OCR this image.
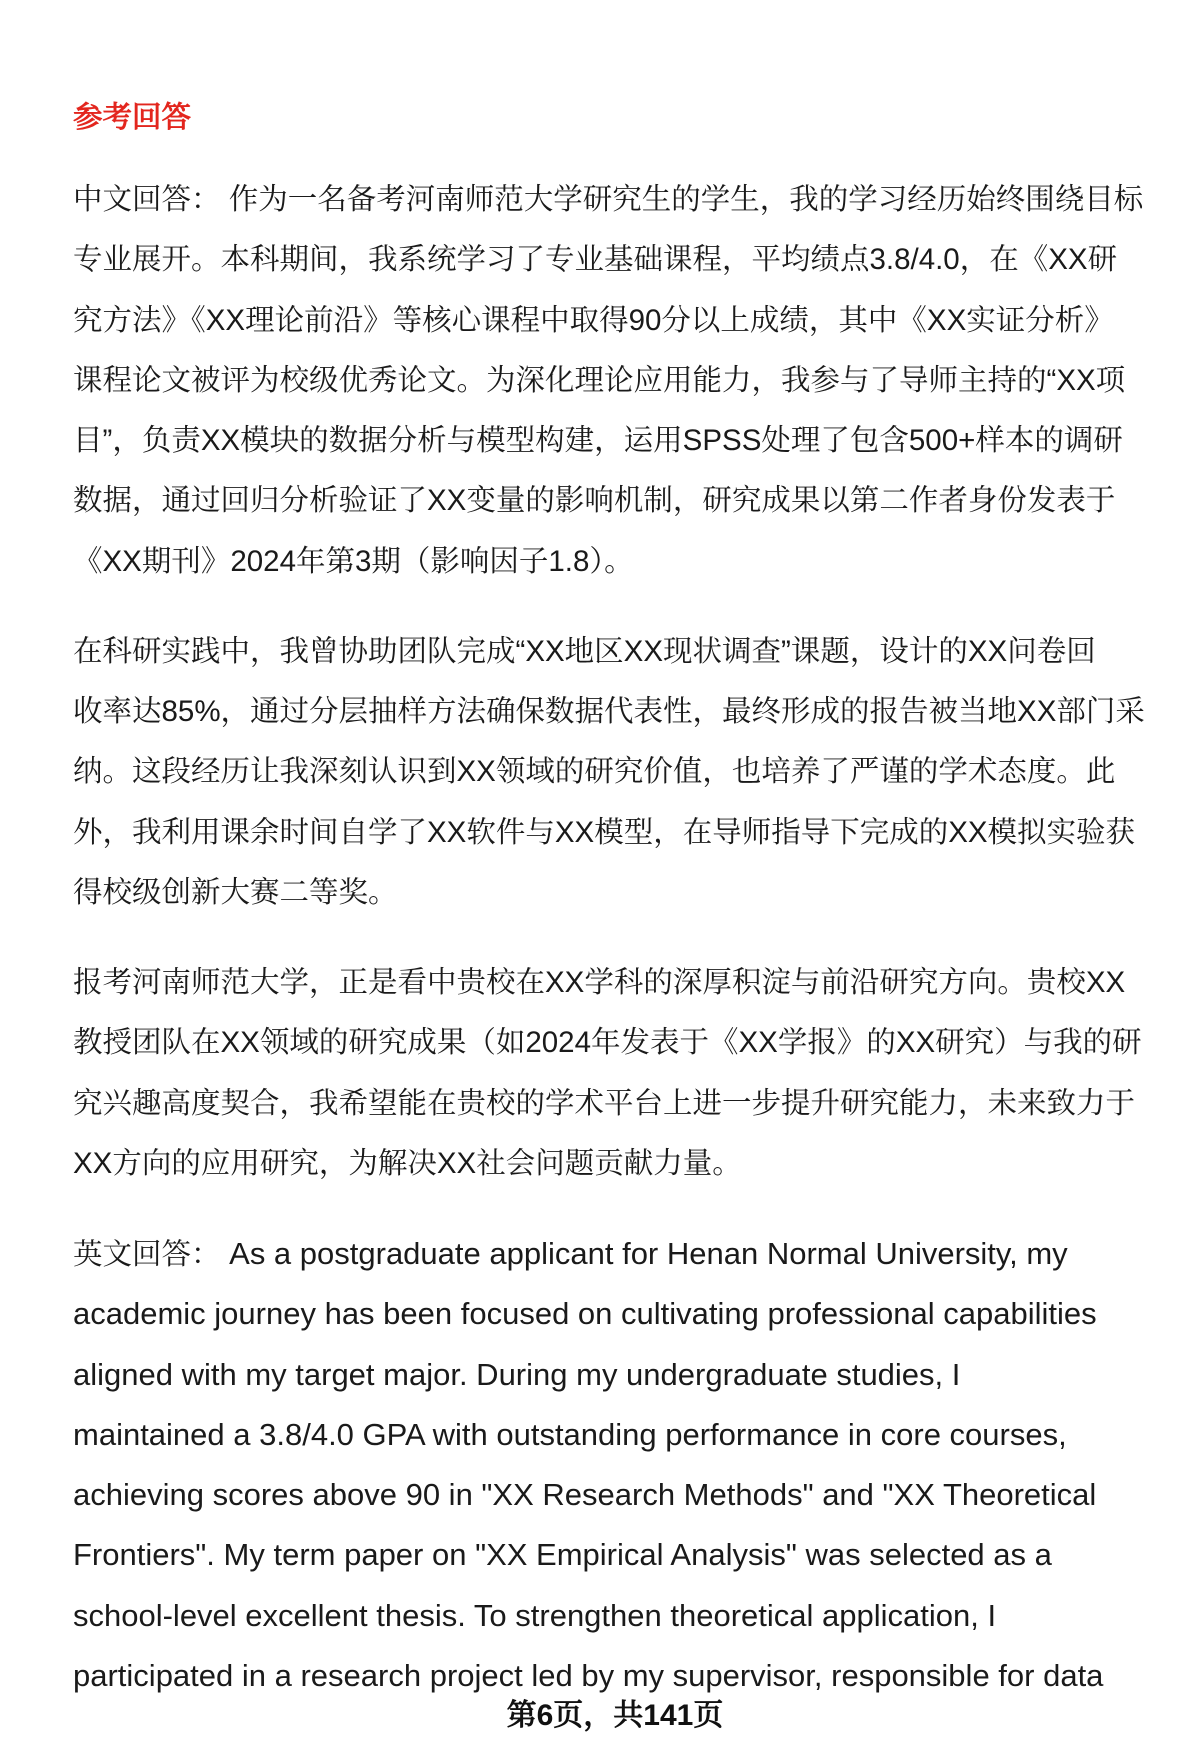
参考回答
中文回答： 作为一名备考河南师范大学研究生的学生，我的学习经历始终围绕目标
专业展开。本科期间，我系统学习了专业基础课程，平均绩点3.8/4.0，在《XX研
究方法》《XX理论前沿》等核心课程中取得90分以上成绩，其中《XX实证分析》
课程论文被评为校级优秀论文。为深化理论应用能力，我参与了导师主持的“XX项
目”，负责XX模块的数据分析与模型构建，运用SPSS处理了包含500+样本的调研
数据，通过回归分析验证了XX变量的影响机制，研究成果以第二作者身份发表于
《XX期刊》2024年第3期（影响因子1.8）。
在科研实践中，我曾协助团队完成“XX地区XX现状调查”课题，设计的XX问卷回
收率达85%，通过分层抽样方法确保数据代表性，最终形成的报告被当地XX部门采
纳。这段经历让我深刻认识到XX领域的研究价值，也培养了严谨的学术态度。此
外，我利用课余时间自学了XX软件与XX模型，在导师指导下完成的XX模拟实验获
得校级创新大赛二等奖。
报考河南师范大学，正是看中贵校在XX学科的深厚积淀与前沿研究方向。贵校XX
教授团队在XX领域的研究成果（如2024年发表于《XX学报》的XX研究）与我的研
究兴趣高度契合，我希望能在贵校的学术平台上进一步提升研究能力，未来致力于
XX方向的应用研究，为解决XX社会问题贡献力量。
英文回答： As a postgraduate applicant for Henan Normal University, my
academic journey has been focused on cultivating professional capabilities
aligned with my target major. During my undergraduate studies, I
maintained a 3.8/4.0 GPA with outstanding performance in core courses,
achieving scores above 90 in "XX Research Methods" and "XX Theoretical
Frontiers". My term paper on "XX Empirical Analysis" was selected as a
school-level excellent thesis. To strengthen theoretical application, I
participated in a research project led by my supervisor, responsible for data
第6页，共141页
